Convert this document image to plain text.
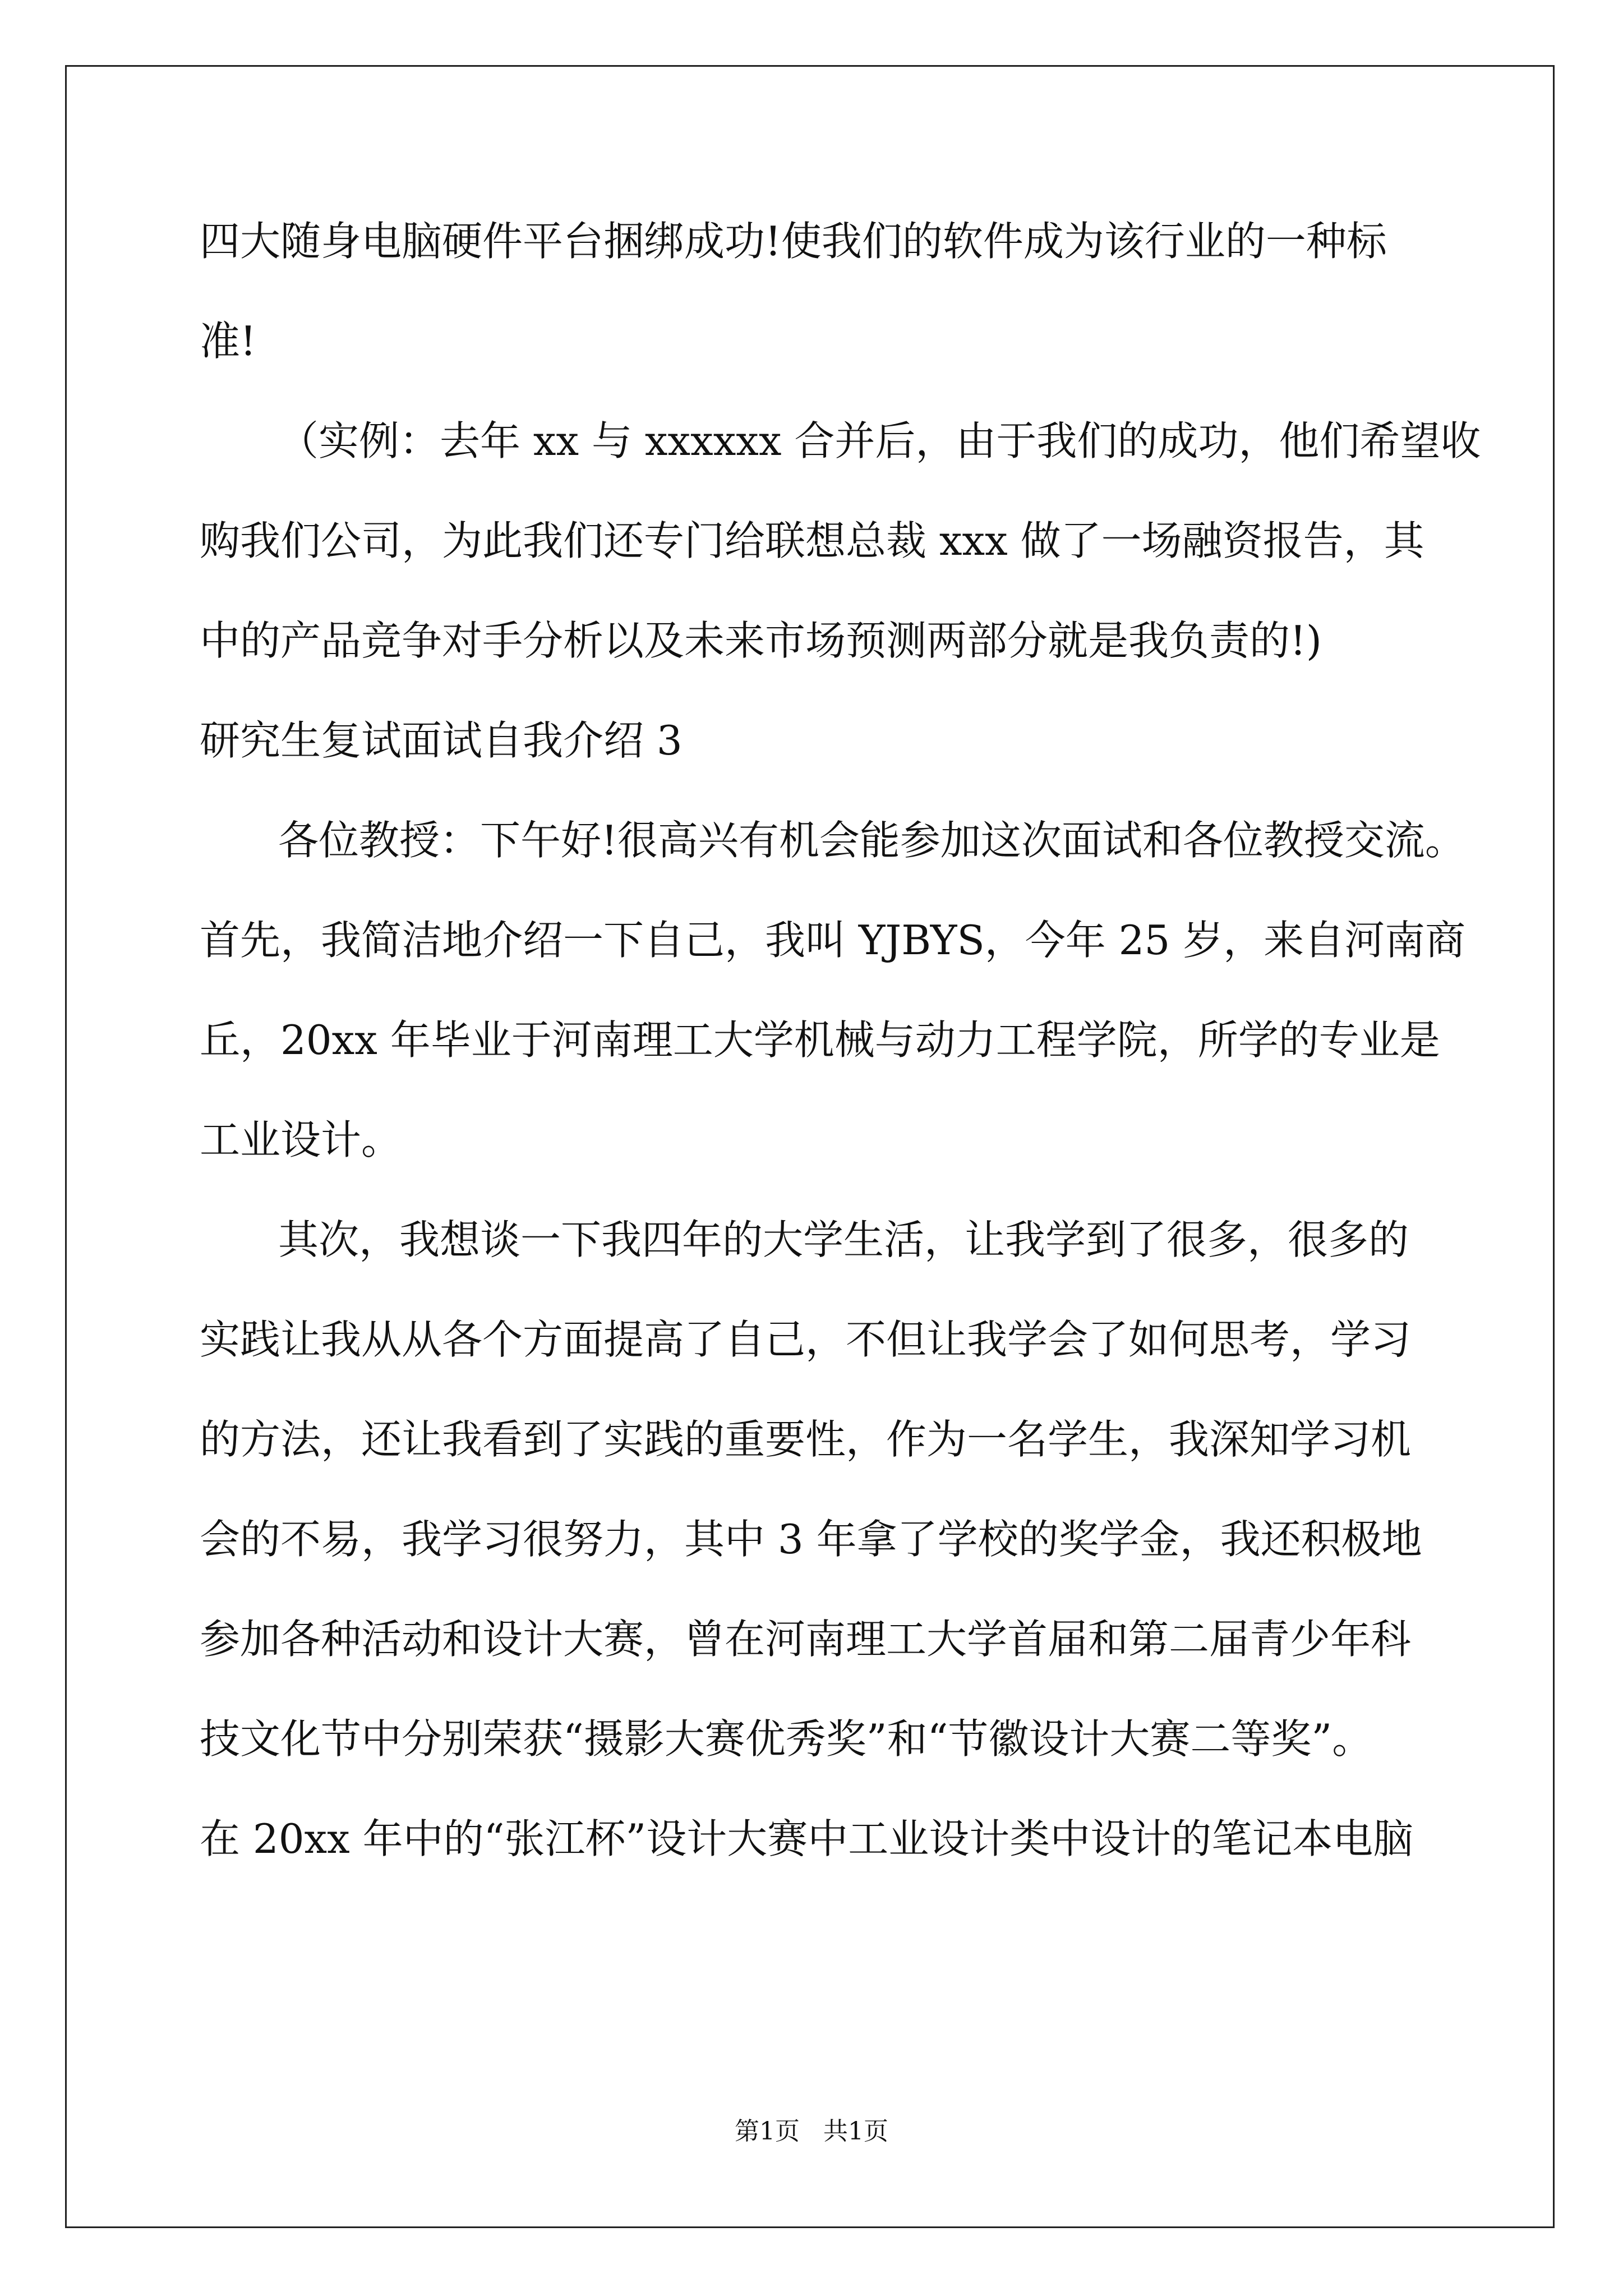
四大随身电脑硬件平台捆绑成功!使我们的软件成为该行业的一种标
准!
（实例：去年 xx 与 xxxxxx 合并后，由于我们的成功，他们希望收
购我们公司，为此我们还专门给联想总裁 xxx 做了一场融资报告，其
中的产品竞争对手分析以及未来市场预测两部分就是我负责的!)
研究生复试面试自我介绍 3
各位教授：下午好!很高兴有机会能参加这次面试和各位教授交流。
首先，我简洁地介绍一下自己，我叫 YJBYS，今年 25 岁，来自河南商
丘，20xx 年毕业于河南理工大学机械与动力工程学院，所学的专业是
工业设计。
其次，我想谈一下我四年的大学生活，让我学到了很多，很多的
实践让我从从各个方面提高了自己，不但让我学会了如何思考，学习
的方法，还让我看到了实践的重要性，作为一名学生，我深知学习机
会的不易，我学习很努力，其中 3 年拿了学校的奖学金，我还积极地
参加各种活动和设计大赛，曾在河南理工大学首届和第二届青少年科
技文化节中分别荣获“摄影大赛优秀奖”和“节徽设计大赛二等奖”。
在 20xx 年中的“张江杯”设计大赛中工业设计类中设计的笔记本电脑
第1页   共1页
